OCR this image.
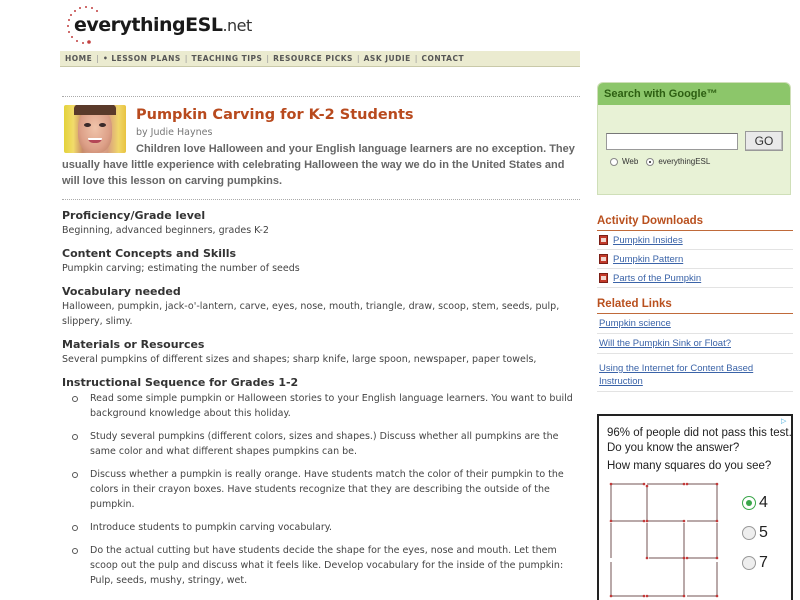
everythingESL.net
HOME | • LESSON PLANS | TEACHING TIPS | RESOURCE PICKS | ASK JUDIE | CONTACT
Pumpkin Carving for K-2 Students
by Judie Haynes
Children love Halloween and your English language learners are no exception. They usually have little experience with celebrating Halloween the way we do in the United States and will love this lesson on carving pumpkins.
Proficiency/Grade level

Beginning, advanced beginners, grades K-2

Content Concepts and Skills

Pumpkin carving; estimating the number of seeds

Vocabulary needed

Halloween, pumpkin, jack-o'-lantern, carve, eyes, nose, mouth, triangle, draw, scoop, stem, seeds, pulp, slippery, slimy.

Materials or Resources

Several pumpkins of different sizes and shapes; sharp knife, large spoon, newspaper, paper towels,

Instructional Sequence for Grades 1-2
Read some simple pumpkin or Halloween stories to your English language learners. You want to build background knowledge about this holiday.
Study several pumpkins (different colors, sizes and shapes.) Discuss whether all pumpkins are the same color and what different shapes pumpkins can be.
Discuss whether a pumpkin is really orange. Have students match the color of their pumpkin to the colors in their crayon boxes. Have students recognize that they are describing the outside of the pumpkin.
Introduce students to pumpkin carving vocabulary.
Do the actual cutting but have students decide the shape for the eyes, nose and mouth. Let them scoop out the pulp and discuss what it feels like. Develop vocabulary for the inside of the pumpkin: Pulp, seeds, mushy, stringy, wet.
Search with Google™
GO
Web	everythingESL
Activity Downloads
Pumpkin Insides
Pumpkin Pattern
Parts of the Pumpkin
Related Links
Pumpkin science
Will the Pumpkin Sink or Float?
Using the Internet for Content Based Instruction
▷
96% of people did not pass this test. Do you know the answer?
How many squares do you see?
4
5
7
